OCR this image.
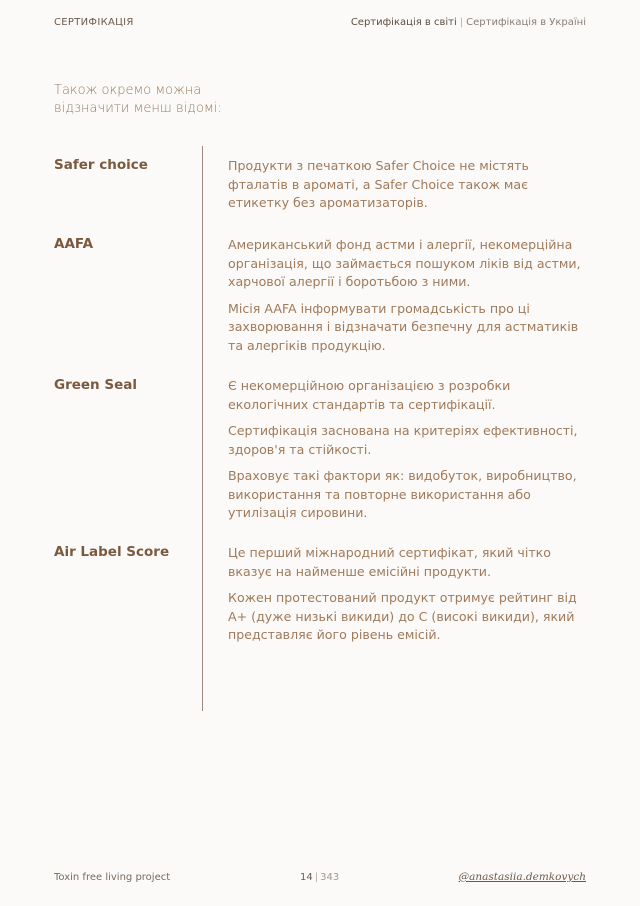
СЕРТИФІКАЦІЯ	Сертифікація в світі | Сертифікація в Україні
Також окремо можна відзначити менш відомі:
Safer choice	Продукти з печаткою Safer Choice не містять фталатів в ароматі, а Safer Choice також має етикетку без ароматизаторів.

AAFA	Американський фонд астми і алергії, некомерційна організація, що займається пошуком ліків від астми, харчової алергії і боротьбою з ними.

Місія AAFA інформувати громадськість про ці захворювання і відзначати безпечну для астматиків та алергіків продукцію.

Green Seal	Є некомерційною організацією з розробки екологічних стандартів та сертифікації.

Сертифікація заснована на критеріях ефективності, здоров'я та стійкості.

Враховує такі фактори як: видобуток, виробництво, використання та повторне використання або утилізація сировини.

Air Label Score	Це перший міжнародний сертифікат, який чітко вказує на найменше емісійні продукти.

Кожен протестований продукт отримує рейтинг від А+ (дуже низькі викиди) до С (високі викиди), який представляє його рівень емісій.

Toxin free living project	14 | 343	@anastasiia.demkovych
